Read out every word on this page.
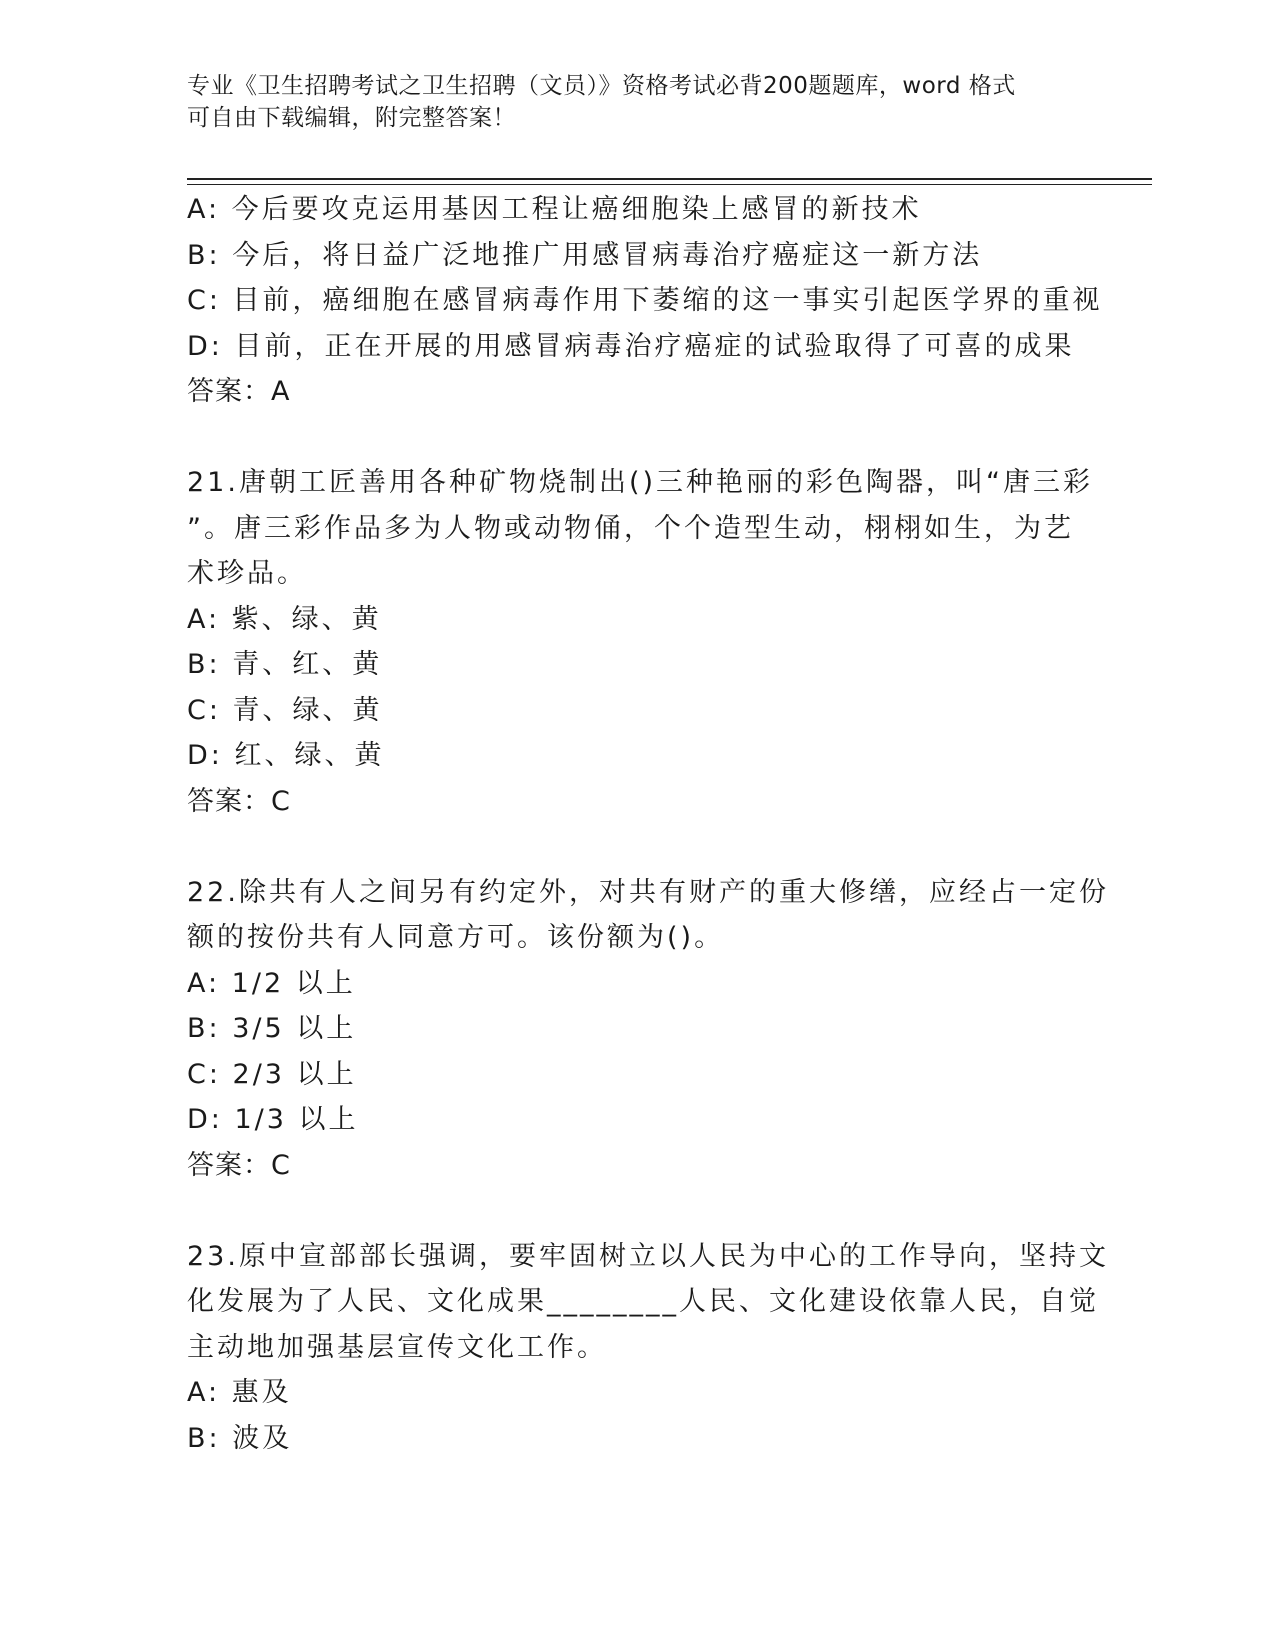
专业《卫生招聘考试之卫生招聘（文员）》资格考试必背200题题库，word 格式
可自由下载编辑，附完整答案！
A: 今后要攻克运用基因工程让癌细胞染上感冒的新技术
B: 今后，将日益广泛地推广用感冒病毒治疗癌症这一新方法
C: 目前，癌细胞在感冒病毒作用下萎缩的这一事实引起医学界的重视
D: 目前，正在开展的用感冒病毒治疗癌症的试验取得了可喜的成果
答案：A
21.唐朝工匠善用各种矿物烧制出()三种艳丽的彩色陶器，叫“唐三彩
”。唐三彩作品多为人物或动物俑，个个造型生动，栩栩如生，为艺
术珍品。
A: 紫、绿、黄
B: 青、红、黄
C: 青、绿、黄
D: 红、绿、黄
答案：C
22.除共有人之间另有约定外，对共有财产的重大修缮，应经占一定份
额的按份共有人同意方可。该份额为()。
A: 1/2 以上
B: 3/5 以上
C: 2/3 以上
D: 1/3 以上
答案：C
23.原中宣部部长强调，要牢固树立以人民为中心的工作导向，坚持文
化发展为了人民、文化成果________人民、文化建设依靠人民，自觉
主动地加强基层宣传文化工作。
A: 惠及
B: 波及
